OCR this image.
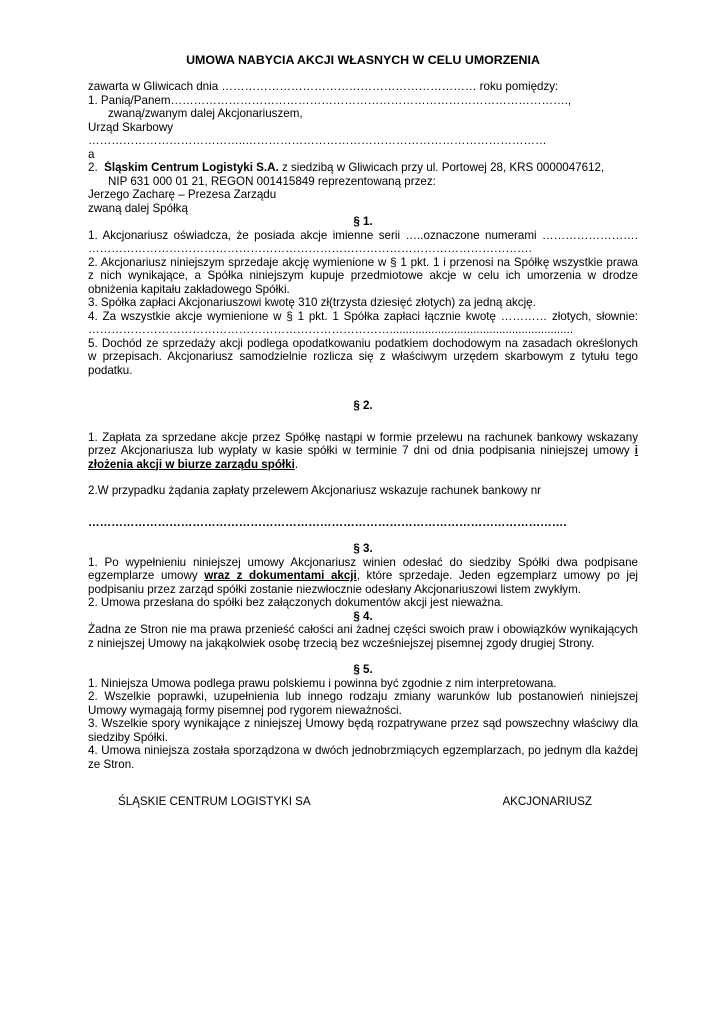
UMOWA NABYCIA AKCJI WŁASNYCH W CELU UMORZENIA

zawarta w Gliwicach dnia ………………………………………………………… roku pomiędzy:

1. Panią/Panem………………………………………………………………………………………….,

zwaną/zwanym dalej Akcjonariuszem,

Urząd Skarbowy

…………………………………..……………………………………………………………………

a

2. Śląskim Centrum Logistyki S.A. z siedzibą w Gliwicach przy ul. Portowej 28, KRS 0000047612,

NIP 631 000 01 21, REGON 001415849 reprezentowaną przez:

Jerzego Zacharę – Prezesa Zarządu

zwaną dalej Spółką

§ 1.

1. Akcjonariusz oświadcza, że posiada akcje imienne serii …..oznaczone numerami ……………………. …………………………………………………………………………………………………….

2. Akcjonariusz niniejszym sprzedaje akcję wymienione w § 1 pkt. 1 i przenosi na Spółkę wszystkie prawa z nich wynikające, a Spółka niniejszym kupuje przedmiotowe akcje w celu ich umorzenia w drodze obniżenia kapitału zakładowego Spółki.

3. Spółka zapłaci Akcjonariuszowi kwotę 310 zł(trzysta dziesięć złotych) za jedną akcję.

4. Za wszystkie akcje wymienione w § 1 pkt. 1 Spółka zapłaci łącznie kwotę ………… złotych, słownie: …………………………………………………………………….........................................................

5. Dochód ze sprzedaży akcji podlega opodatkowaniu podatkiem dochodowym na zasadach określonych w przepisach. Akcjonariusz samodzielnie rozlicza się z właściwym urzędem skarbowym z tytułu tego podatku.

§ 2.

1. Zapłata za sprzedane akcje przez Spółkę nastąpi w formie przelewu na rachunek bankowy wskazany przez Akcjonariusza lub wypłaty w kasie spółki w terminie 7 dni od dnia podpisania niniejszej umowy i złożenia akcji w biurze zarządu spółki.

2.W przypadku żądania zapłaty przelewem Akcjonariusz wskazuje rachunek bankowy nr

…………………………………………………………………………………………………………….

§ 3.

1. Po wypełnieniu niniejszej umowy Akcjonariusz winien odesłać do siedziby Spółki dwa podpisane egzemplarze umowy wraz z dokumentami akcji, które sprzedaje. Jeden egzemplarz umowy po jej podpisaniu przez zarząd spółki zostanie niezwłocznie odesłany Akcjonariuszowi listem zwykłym.

2. Umowa przesłana do spółki bez załączonych dokumentów akcji jest nieważna.

§ 4.

Żadna ze Stron nie ma prawa przenieść całości ani żadnej części swoich praw i obowiązków wynikających z niniejszej Umowy na jakąkolwiek osobę trzecią bez wcześniejszej pisemnej zgody drugiej Strony.

§ 5.

1. Niniejsza Umowa podlega prawu polskiemu i powinna być zgodnie z nim interpretowana.

2. Wszelkie poprawki, uzupełnienia lub innego rodzaju zmiany warunków lub postanowień niniejszej Umowy wymagają formy pisemnej pod rygorem nieważności.

3. Wszelkie spory wynikające z niniejszej Umowy będą rozpatrywane przez sąd powszechny właściwy dla siedziby Spółki.

4. Umowa niniejsza została sporządzona w dwóch jednobrzmiących egzemplarzach, po jednym dla każdej ze Stron.

ŚLĄSKIE CENTRUM LOGISTYKI SA	AKCJONARIUSZ
